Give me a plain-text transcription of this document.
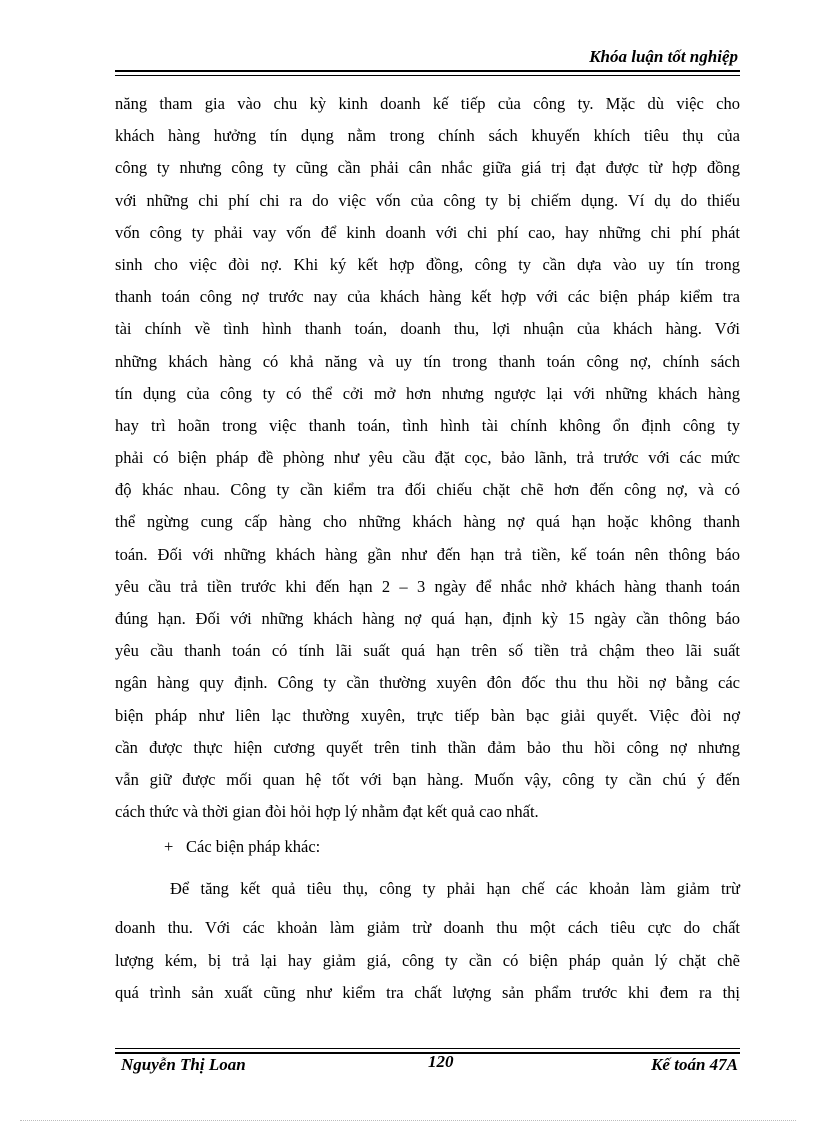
Khóa luận tốt nghiệp
năng tham gia vào chu kỳ kinh doanh kế tiếp của công ty. Mặc dù việc cho
khách hàng hưởng tín dụng nằm trong chính sách khuyến khích tiêu thụ của
công ty nhưng công ty cũng cần phải cân nhắc giữa giá trị đạt được từ hợp đồng
với những chi phí chi ra do việc vốn của công ty bị chiếm dụng. Ví dụ do thiếu
vốn công ty phải vay vốn để kinh doanh với chi phí cao, hay những chi phí phát
sinh cho việc đòi nợ. Khi ký kết hợp đồng, công ty cần dựa vào uy tín trong
thanh toán công nợ trước nay của khách hàng kết hợp với các biện pháp kiểm tra
tài chính về tình hình thanh toán, doanh thu, lợi nhuận của khách hàng. Với
những khách hàng có khả năng và uy tín trong thanh toán công nợ, chính sách
tín dụng của công ty có thể cởi mở hơn nhưng ngược lại với những khách hàng
hay trì hoãn trong việc thanh toán, tình hình tài chính không ổn định công ty
phải có biện pháp đề phòng như yêu cầu đặt cọc, bảo lãnh, trả trước với các mức
độ khác nhau. Công ty cần kiểm tra đối chiếu chặt chẽ hơn đến công nợ, và có
thể ngừng cung cấp hàng cho những khách hàng nợ quá hạn hoặc không thanh
toán. Đối với những khách hàng gần như đến hạn trả tiền, kế toán nên thông báo
yêu cầu trả tiền trước khi đến hạn 2 – 3 ngày để nhắc nhở khách hàng thanh toán
đúng hạn. Đối với những khách hàng nợ quá hạn, định kỳ 15 ngày cần thông báo
yêu cầu thanh toán có tính lãi suất quá hạn trên số tiền trả chậm theo lãi suất
ngân hàng quy định. Công ty cần thường xuyên đôn đốc thu thu hồi nợ bằng các
biện pháp như liên lạc thường xuyên, trực tiếp bàn bạc giải quyết. Việc đòi nợ
cần được thực hiện cương quyết trên tinh thần đảm bảo thu hồi công nợ nhưng
vẫn giữ được mối quan hệ tốt với bạn hàng. Muốn vậy, công ty cần chú ý đến
cách thức và thời gian đòi hỏi hợp lý nhằm đạt kết quả cao nhất.
+ Các biện pháp khác:
Để tăng kết quả tiêu thụ, công ty phải hạn chế các khoản làm giảm trừ
doanh thu. Với các khoản làm giảm trừ doanh thu một cách tiêu cực do chất
lượng kém, bị trả lại hay giảm giá, công ty cần có biện pháp quản lý chặt chẽ
quá trình sản xuất cũng như kiểm tra chất lượng sản phẩm trước khi đem ra thị
Nguyễn Thị Loan	120	Kế toán 47A
